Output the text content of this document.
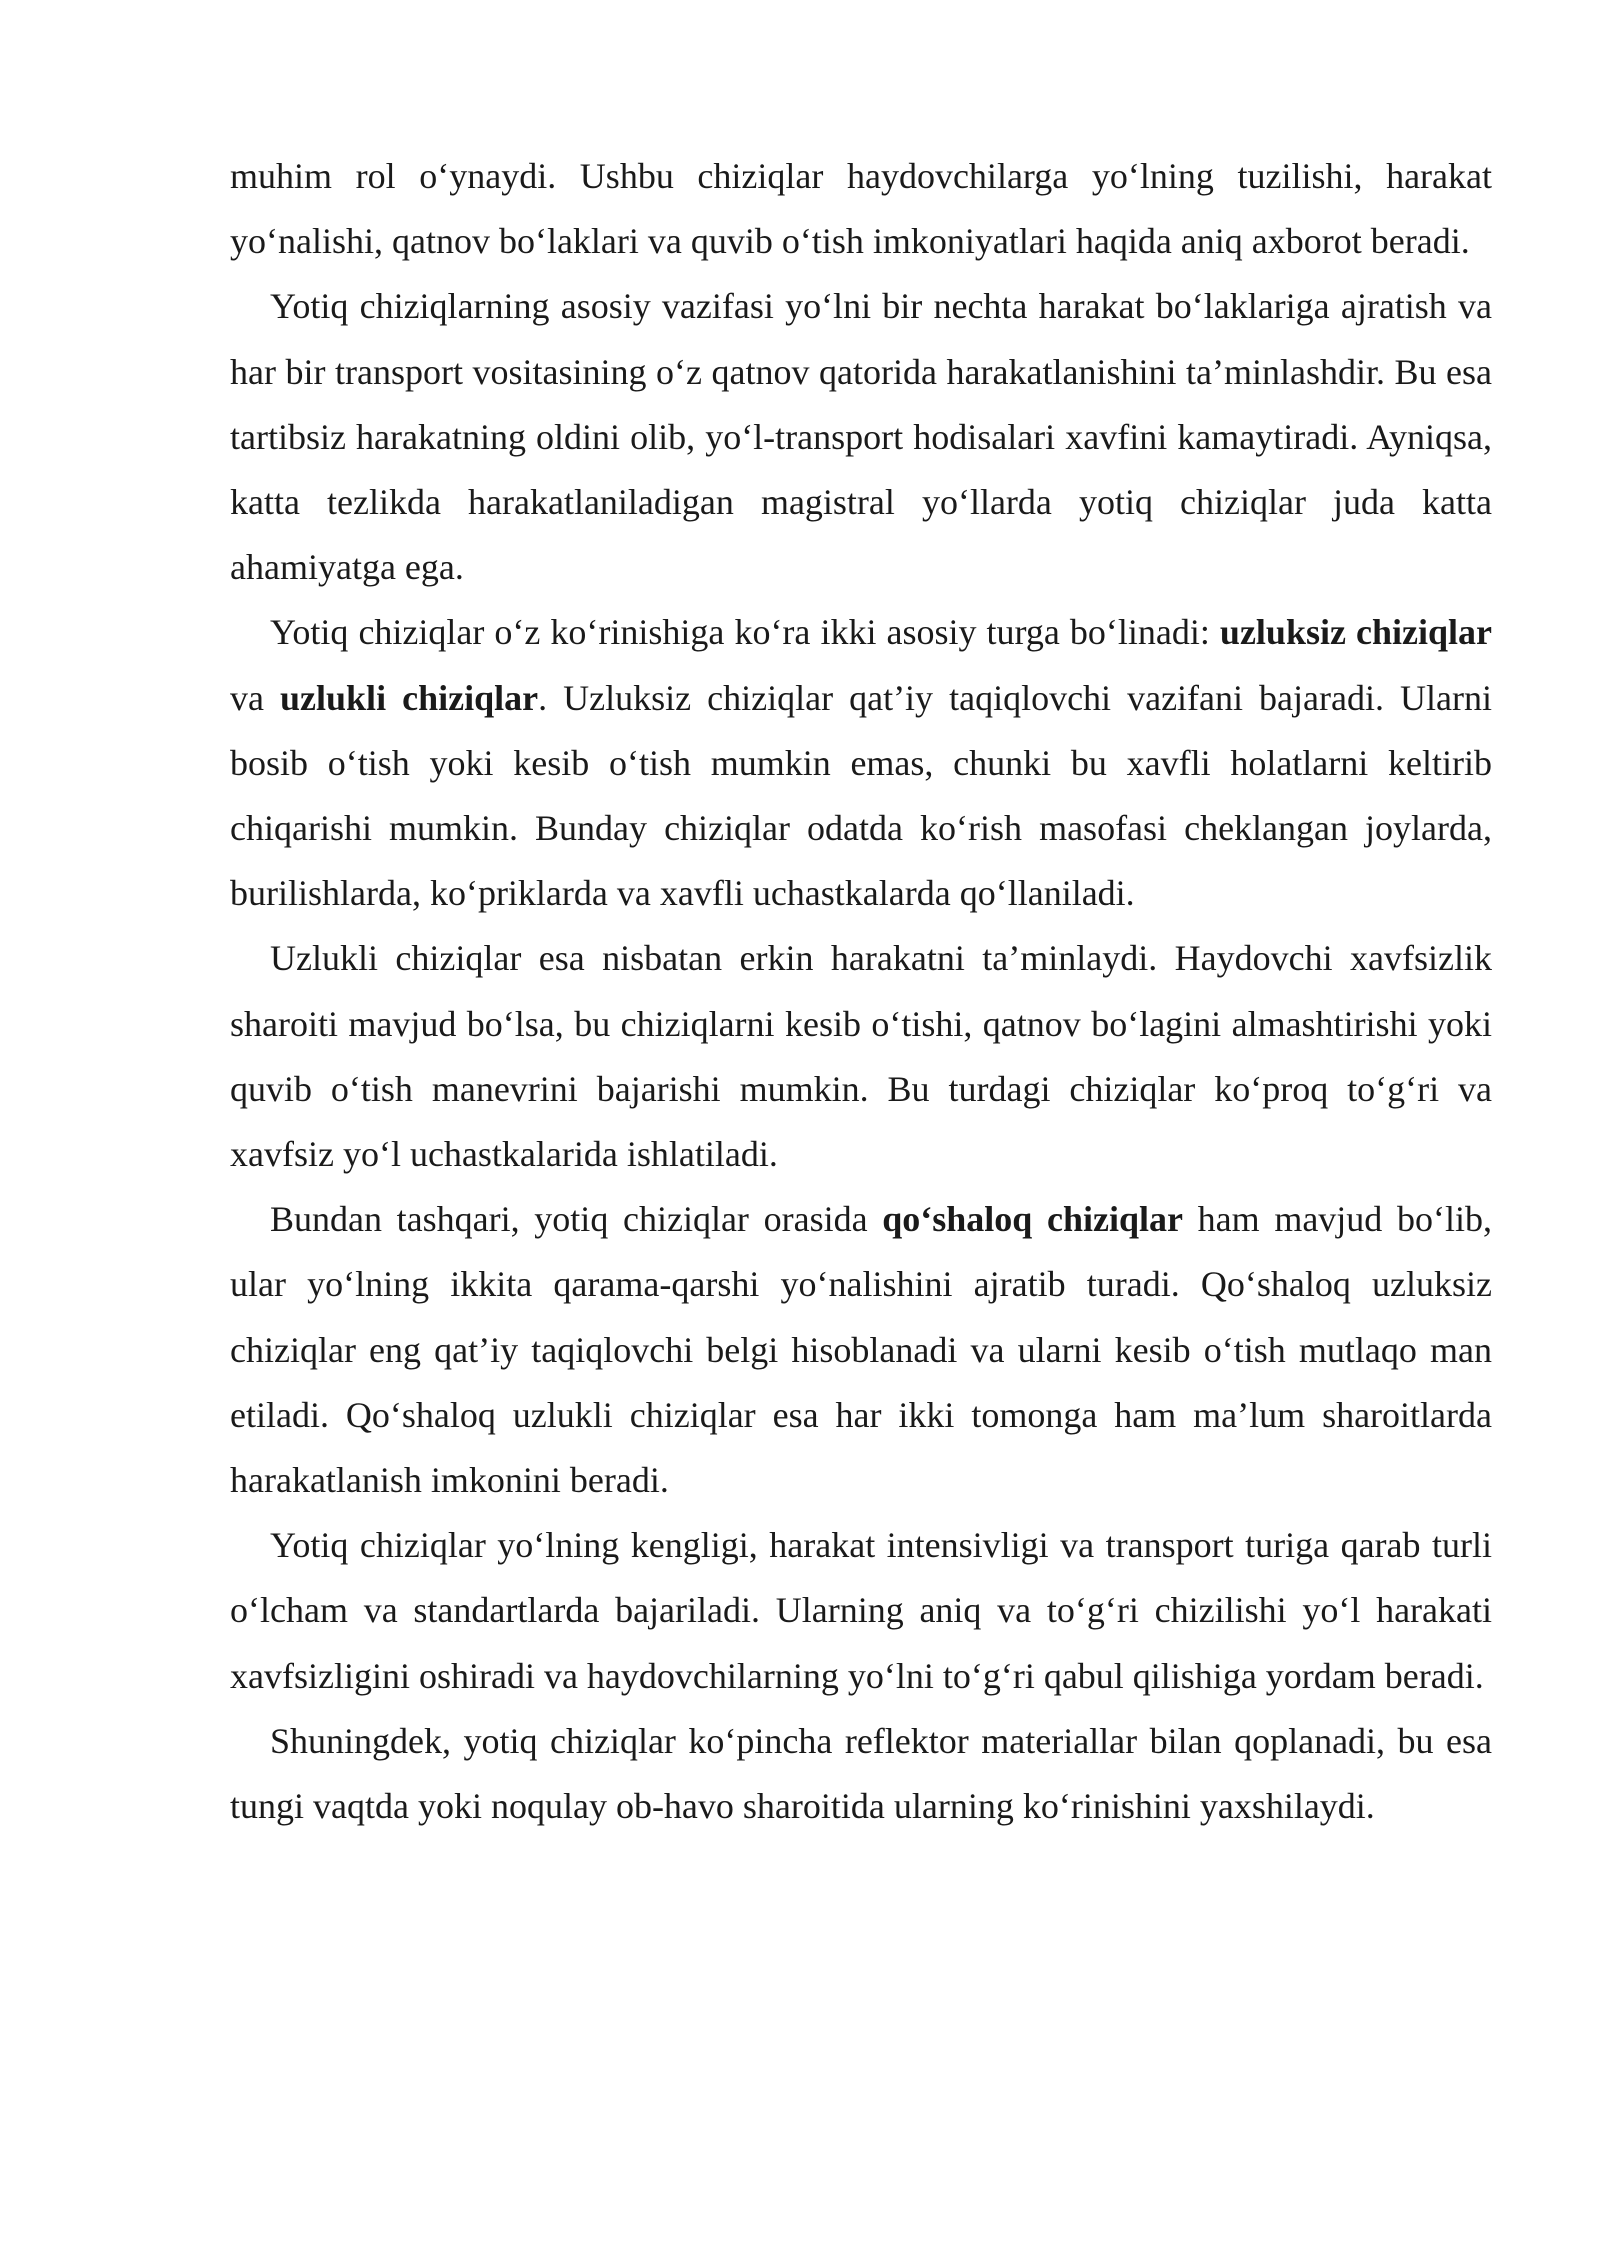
muhim rol o‘ynaydi. Ushbu chiziqlar haydovchilarga yo‘lning tuzilishi, harakat yo‘nalishi, qatnov bo‘laklari va quvib o‘tish imkoniyatlari haqida aniq axborot beradi.

Yotiq chiziqlarning asosiy vazifasi yo‘lni bir nechta harakat bo‘laklariga ajratish va har bir transport vositasining o‘z qatnov qatorida harakatlanishini ta’minlashdir. Bu esa tartibsiz harakatning oldini olib, yo‘l-transport hodisalari xavfini kamaytiradi. Ayniqsa, katta tezlikda harakatlaniladigan magistral yo‘llarda yotiq chiziqlar juda katta ahamiyatga ega.

Yotiq chiziqlar o‘z ko‘rinishiga ko‘ra ikki asosiy turga bo‘linadi: uzluksiz chiziqlar va uzlukli chiziqlar. Uzluksiz chiziqlar qat’iy taqiqlovchi vazifani bajaradi. Ularni bosib o‘tish yoki kesib o‘tish mumkin emas, chunki bu xavfli holatlarni keltirib chiqarishi mumkin. Bunday chiziqlar odatda ko‘rish masofasi cheklangan joylarda, burilishlarda, ko‘priklarda va xavfli uchastkalarda qo‘llaniladi.

Uzlukli chiziqlar esa nisbatan erkin harakatni ta’minlaydi. Haydovchi xavfsizlik sharoiti mavjud bo‘lsa, bu chiziqlarni kesib o‘tishi, qatnov bo‘lagini almashtirishi yoki quvib o‘tish manevrini bajarishi mumkin. Bu turdagi chiziqlar ko‘proq to‘g‘ri va xavfsiz yo‘l uchastkalarida ishlatiladi.

Bundan tashqari, yotiq chiziqlar orasida qo‘shaloq chiziqlar ham mavjud bo‘lib, ular yo‘lning ikkita qarama-qarshi yo‘nalishini ajratib turadi. Qo‘shaloq uzluksiz chiziqlar eng qat’iy taqiqlovchi belgi hisoblanadi va ularni kesib o‘tish mutlaqo man etiladi. Qo‘shaloq uzlukli chiziqlar esa har ikki tomonga ham ma’lum sharoitlarda harakatlanish imkonini beradi.

Yotiq chiziqlar yo‘lning kengligi, harakat intensivligi va transport turiga qarab turli o‘lcham va standartlarda bajariladi. Ularning aniq va to‘g‘ri chizilishi yo‘l harakati xavfsizligini oshiradi va haydovchilarning yo‘lni to‘g‘ri qabul qilishiga yordam beradi.

Shuningdek, yotiq chiziqlar ko‘pincha reflektor materiallar bilan qoplanadi, bu esa tungi vaqtda yoki noqulay ob-havo sharoitida ularning ko‘rinishini yaxshilaydi.
